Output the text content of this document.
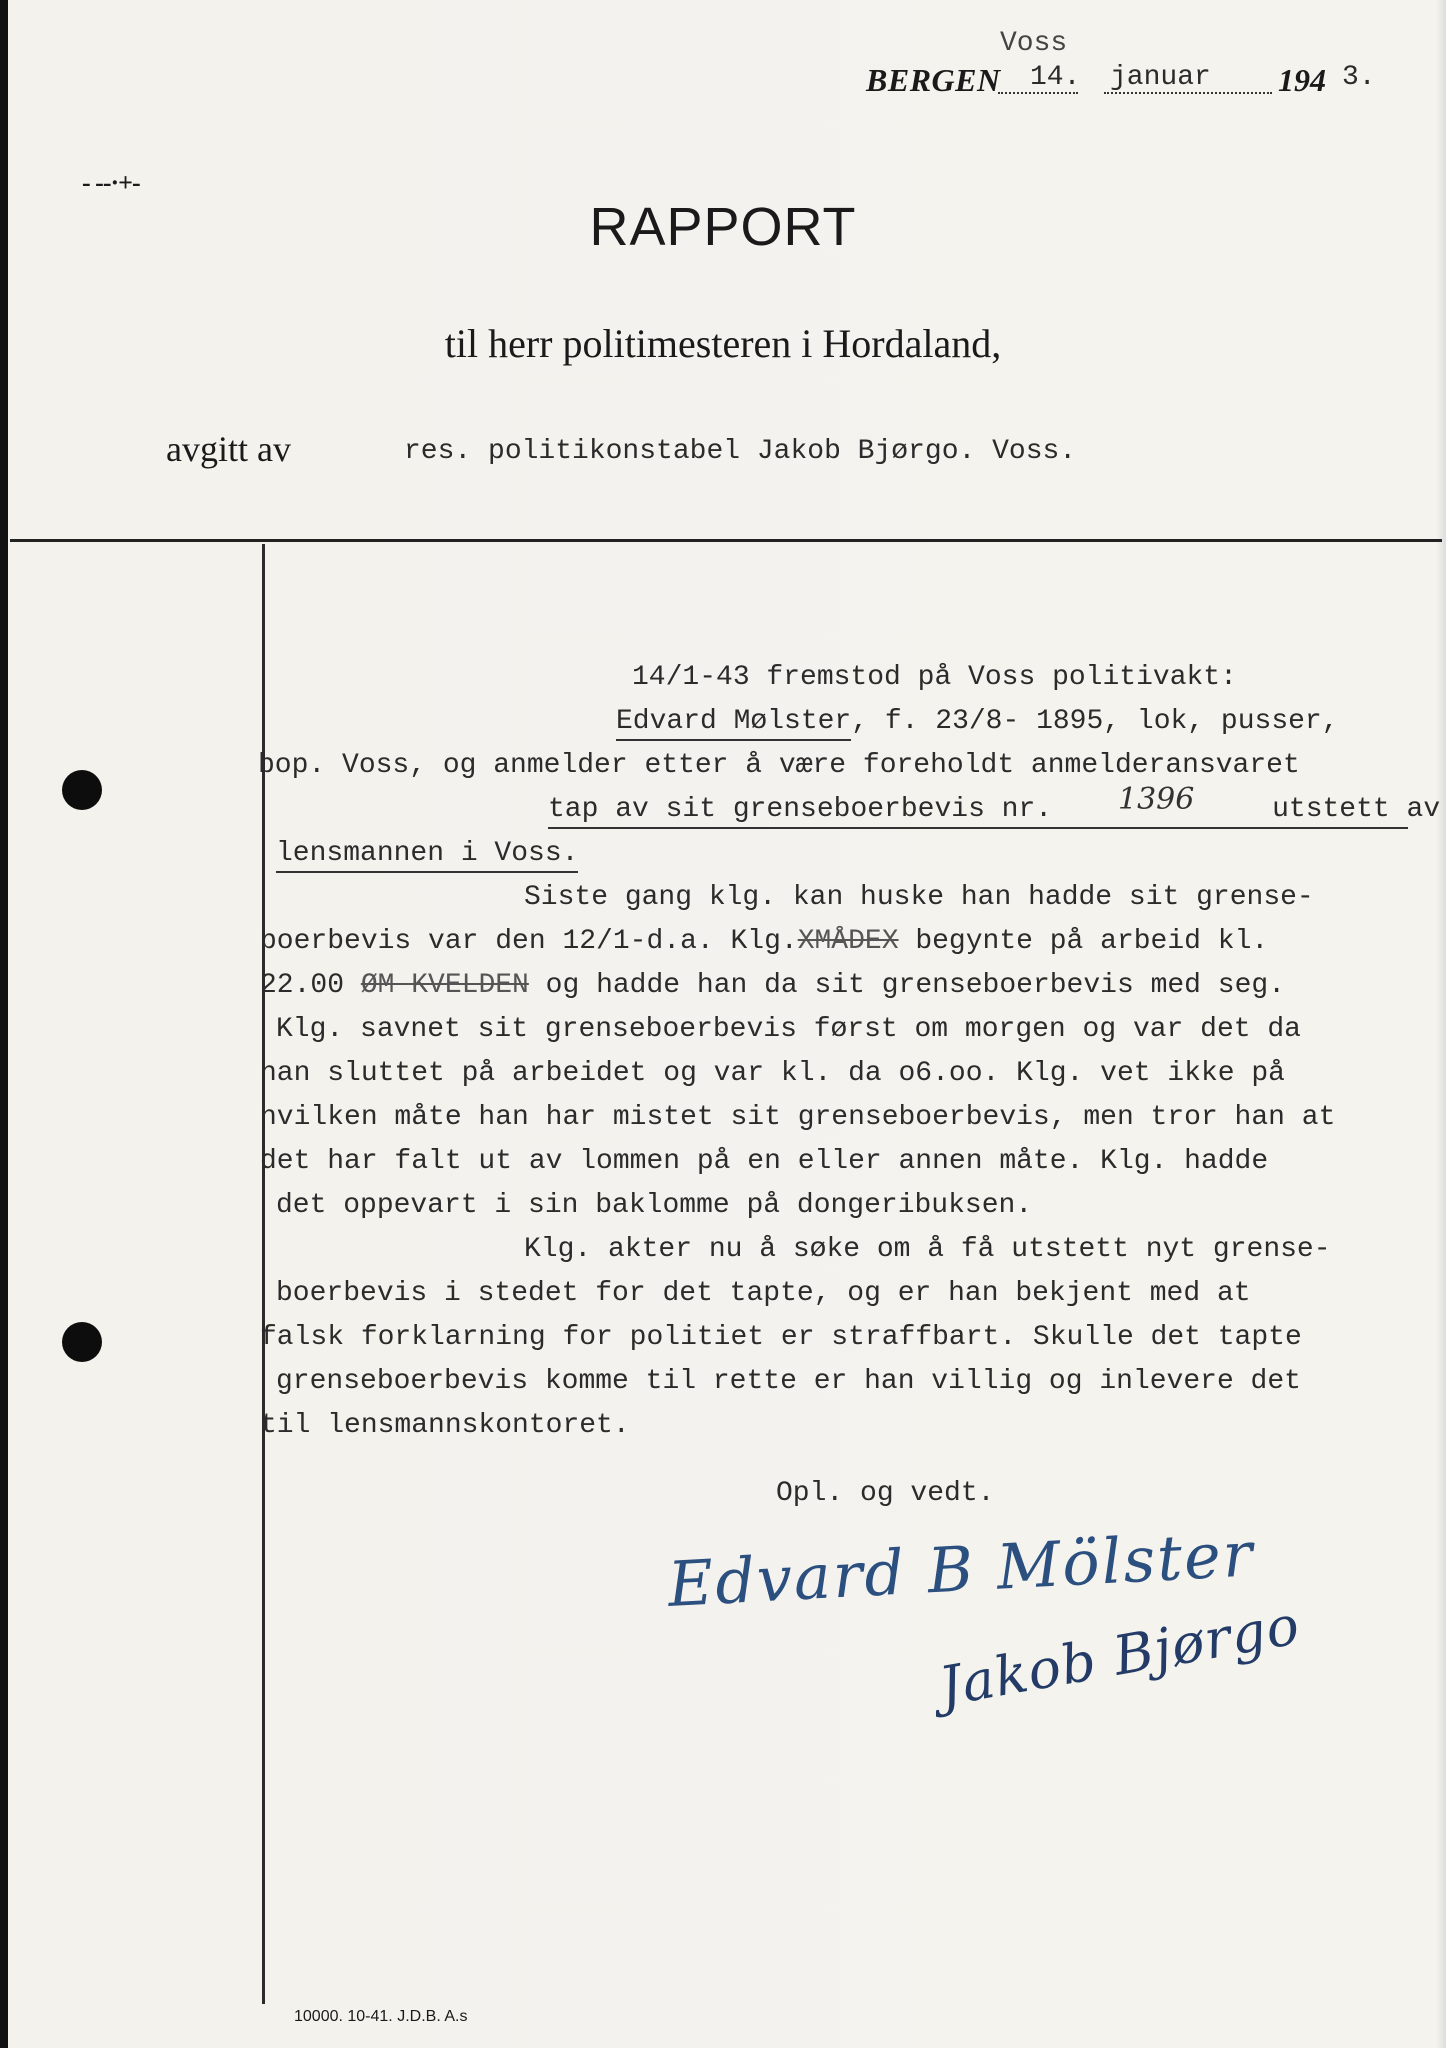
Voss
BERGEN 14. januar 194 3.
- --·+-
RAPPORT
til herr politimesteren i Hordaland,
avgitt av	res. politikonstabel Jakob Bjørgo. Voss.
14/1-43 fremstod på Voss politivakt:
Edvard Mølster, f. 23/8- 1895, lok, pusser,
bop. Voss, og anmelder etter å være foreholdt anmelderansvaret
tap av sit grenseboerbevis nr.	utstett av
1396
lensmannen i Voss.
Siste gang klg. kan huske han hadde sit grense-
boerbevis var den 12/1-d.a. Klg.XMÅDEX begynte på arbeid kl.
22.00 ØM KVELDEN og hadde han da sit grenseboerbevis med seg.
Klg. savnet sit grenseboerbevis først om morgen og var det da
han sluttet på arbeidet og var kl. da o6.oo. Klg. vet ikke på
hvilken måte han har mistet sit grenseboerbevis, men tror han at
det har falt ut av lommen på en eller annen måte. Klg. hadde
det oppevart i sin baklomme på dongeribuksen.
Klg. akter nu å søke om å få utstett nyt grense-
boerbevis i stedet for det tapte, og er han bekjent med at
falsk forklarning for politiet er straffbart. Skulle det tapte
grenseboerbevis komme til rette er han villig og inlevere det
til lensmannskontoret.
Opl. og vedt.
Edvard B Mölster
Jakob Bjørgo
10000. 10-41. J.D.B. A.s
